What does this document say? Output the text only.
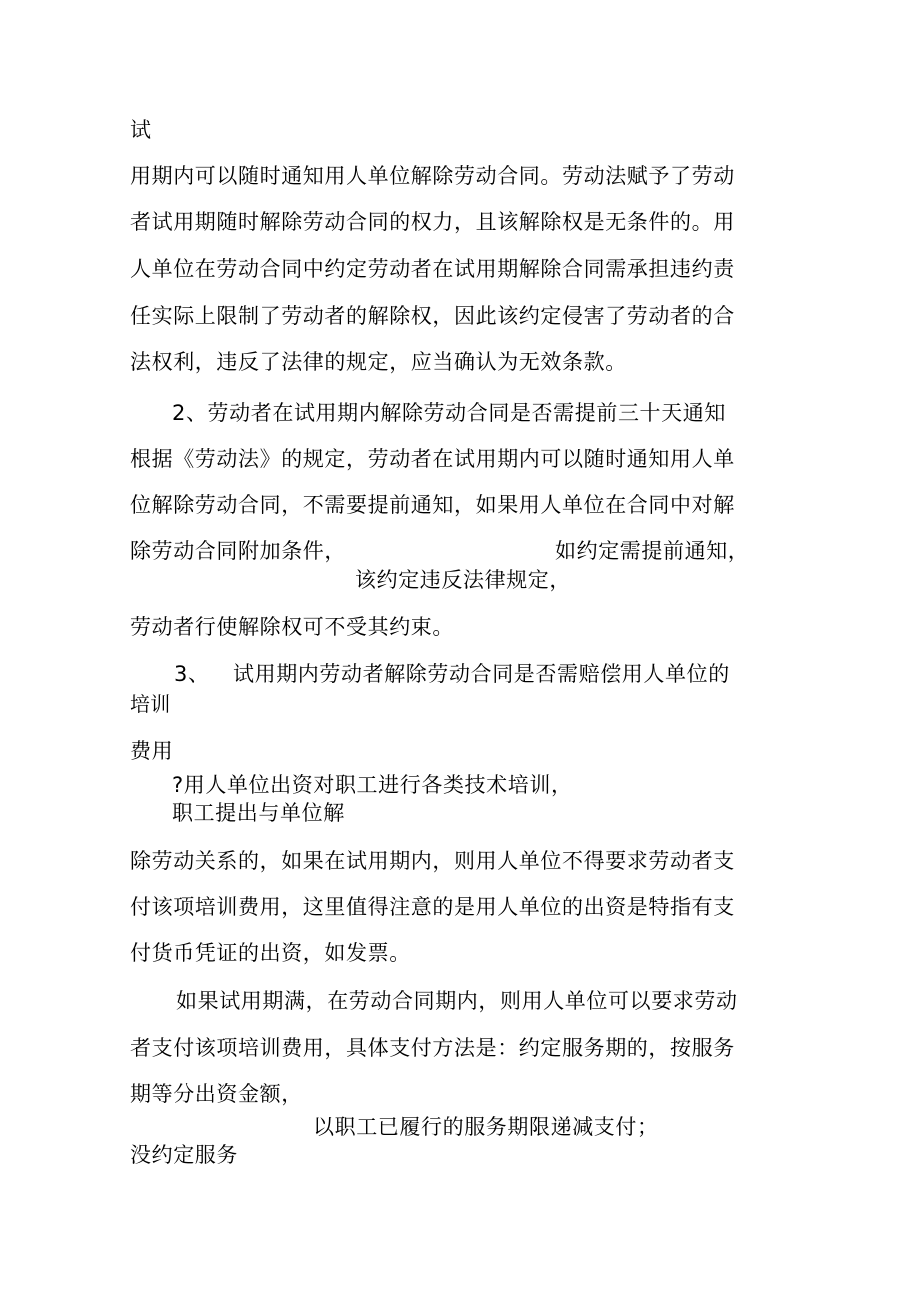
试
用期内可以随时通知用人单位解除劳动合同。劳动法赋予了劳动
者试用期随时解除劳动合同的权力，且该解除权是无条件的。用
人单位在劳动合同中约定劳动者在试用期解除合同需承担违约责
任实际上限制了劳动者的解除权，因此该约定侵害了劳动者的合
法权利，违反了法律的规定，应当确认为无效条款。
2、劳动者在试用期内解除劳动合同是否需提前三十天通知
根据《劳动法》的规定，劳动者在试用期内可以随时通知用人单
位解除劳动合同，不需要提前通知，如果用人单位在合同中对解
除劳动合同附加条件，	如约定需提前通知，
该约定违反法律规定，
劳动者行使解除权可不受其约束。
3、 试用期内劳动者解除劳动合同是否需赔偿用人单位的
培训
费用
?用人单位出资对职工进行各类技术培训，
职工提出与单位解
除劳动关系的，如果在试用期内，则用人单位不得要求劳动者支
付该项培训费用，这里值得注意的是用人单位的出资是特指有支
付货币凭证的出资，如发票。
如果试用期满，在劳动合同期内，则用人单位可以要求劳动
者支付该项培训费用，具体支付方法是：约定服务期的，按服务
期等分出资金额，
以职工已履行的服务期限递减支付；
没约定服务
